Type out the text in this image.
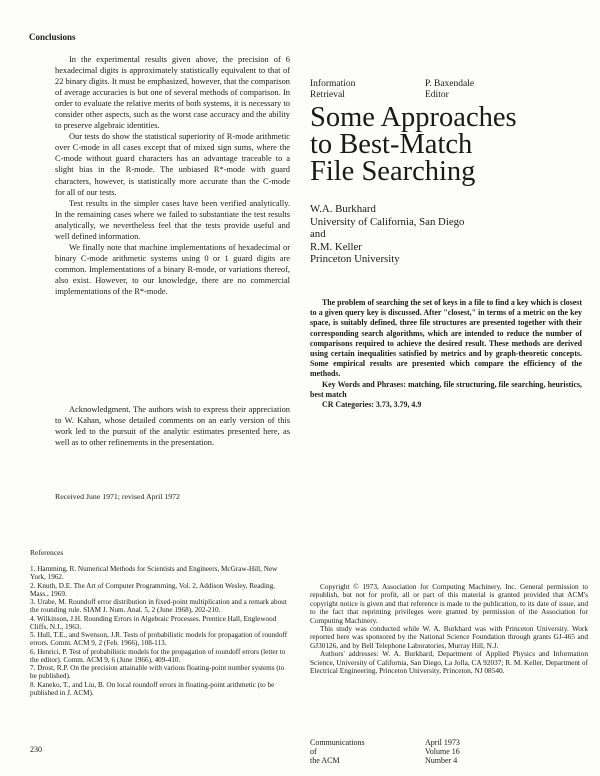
Conclusions

In the experimental results given above, the precision of 6 hexadecimal digits is approximately statistically equivalent to that of 22 binary digits. It must be emphasized, however, that the comparison of average accuracies is but one of several methods of comparison. In order to evaluate the relative merits of both systems, it is necessary to consider other aspects, such as the worst case accuracy and the ability to preserve algebraic identities.

Our tests do show the statistical superiority of R-mode arithmetic over C-mode in all cases except that of mixed sign sums, where the C-mode without guard characters has an advantage traceable to a slight bias in the R-mode. The unbiased R*-mode with guard characters, however, is statistically more accurate than the C-mode for all of our tests.

Test results in the simpler cases have been verified analytically. In the remaining cases where we failed to substantiate the test results analytically, we nevertheless feel that the tests provide useful and well defined information.

We finally note that machine implementations of hexadecimal or binary C-mode arithmetic systems using 0 or 1 guard digits are common. Implementations of a binary R-mode, or variations thereof, also exist. However, to our knowledge, there are no commercial implementations of the R*-mode.

Acknowledgment. The authors wish to express their appreciation to W. Kahan, whose detailed comments on an early version of this work led to the pursuit of the analytic estimates presented here, as well as to other refinements in the presentation.

Received June 1971; revised April 1972
Information
Retrieval
P. Baxendale
Editor
Some Approaches
to Best-Match
File Searching
W.A. Burkhard
University of California, San Diego
and
R.M. Keller
Princeton University

The problem of searching the set of keys in a file to find a key which is closest to a given query key is discussed. After "closest," in terms of a metric on the key space, is suitably defined, three file structures are presented together with their corresponding search algorithms, which are intended to reduce the number of comparisons required to achieve the desired result. These methods are derived using certain inequalities satisfied by metrics and by graph-theoretic concepts. Some empirical results are presented which compare the efficiency of the methods.

Key Words and Phrases: matching, file structuring, file searching, heuristics, best match

CR Categories: 3.73, 3.79, 4.9

References
1. Hamming, R. Numerical Methods for Scientists and Engineers, McGraw-Hill, New York, 1962.
2. Knuth, D.E. The Art of Computer Programming, Vol. 2, Addison Wesley, Reading, Mass., 1969.
3. Urabe, M. Roundoff error distribution in fixed-point multiplication and a remark about the rounding rule. SIAM J. Num. Anal. 5, 2 (June 1968), 202-210.
4. Wilkinson, J.H. Rounding Errors in Algebraic Processes. Prentice Hall, Englewood Cliffs, N.J., 1963.
5. Hull, T.E., and Swenson, J.R. Tests of probabilistic models for propagation of roundoff errors. Comm. ACM 9, 2 (Feb. 1966), 108-113.
6. Henrici, P. Test of probabilistic models for the propagation of roundoff errors (letter to the editor). Comm. ACM 9, 6 (June 1966), 409-410.
7. Drost, R.P. On the precision attainable with various floating-point number systems (to be published).
8. Kaneko, T., and Liu, B. On local roundoff errors in floating-point arithmetic (to be published in J. ACM).

Copyright © 1973, Association for Computing Machinery, Inc. General permission to republish, but not for profit, all or part of this material is granted provided that ACM's copyright notice is given and that reference is made to the publication, to its date of issue, and to the fact that reprinting privileges were granted by permission of the Association for Computing Machinery.

This study was conducted while W. A. Burkhard was with Princeton University. Work reported here was sponsored by the National Science Foundation through grants GJ-465 and GJ30126, and by Bell Telephone Laboratories, Murray Hill, N.J.

Authors' addresses: W. A. Burkhard, Department of Applied Physics and Information Science, University of California, San Diego, La Jolla, CA 92037; R. M. Keller, Department of Electrical Engineering, Princeton University, Princeton, NJ 08540.

230
Communications
of
the ACM
April 1973
Volume 16
Number 4
